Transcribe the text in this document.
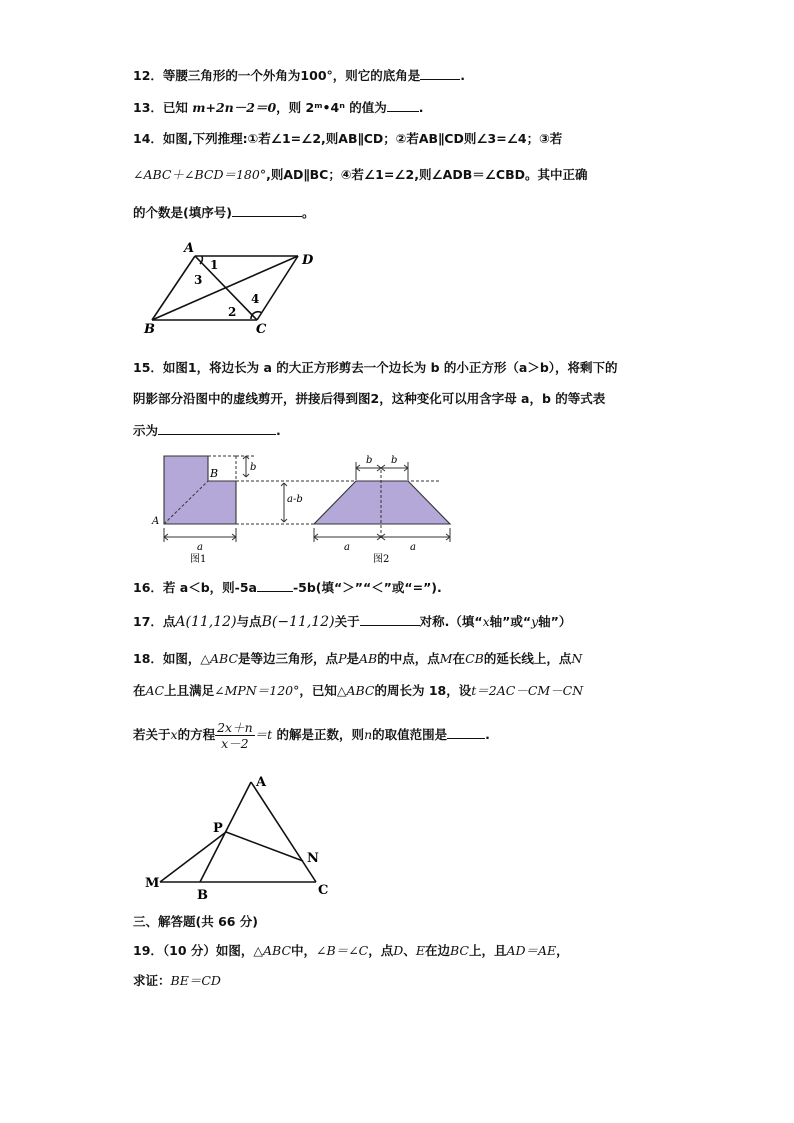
12．等腰三角形的一个外角为100°，则它的底角是	.
13．已知 m+2n－2＝0，则 2ᵐ•4ⁿ 的值为	.
14．如图,下列推理:①若∠1=∠2,则AB∥CD；②若AB∥CD则∠3=∠4；③若
∠ABC＋∠BCD＝180°,则AD∥BC；④若∠1=∠2,则∠ADB＝∠CBD。其中正确
的个数是(填序号)	。
A
D
B	C
1
3
4
2
15．如图1，将边长为 a 的大正方形剪去一个边长为 b 的小正方形（a＞b），将剩下的
阴影部分沿图中的虚线剪开，拼接后得到图2，这种变化可以用含字母 a，b 的等式表
示为	.
B
A
b
a
图1
a-b
b b
a	a
图2
16．若 a＜b，则-5a	-5b(填“＞”“＜”或“=”).
17．点A(11,12)与点B(−11,12)关于	对称.（填“x轴”或“y轴”）
18．如图，△ABC是等边三角形，点P是AB的中点，点M在CB的延长线上，点N
在AC上且满足∠MPN＝120°，已知△ABC的周长为 18，设t＝2AC－CM－CN
若关于x的方程 $\frac{2x+n}{x-2} =t$ 的解是正数，则n的取值范围是	.
A
P
N
M
B	C
三、解答题(共 66 分)
19．（10 分）如图，△ABC中，∠B＝∠C，点D、E在边BC上，且AD＝AE，
求证：BE＝CD
